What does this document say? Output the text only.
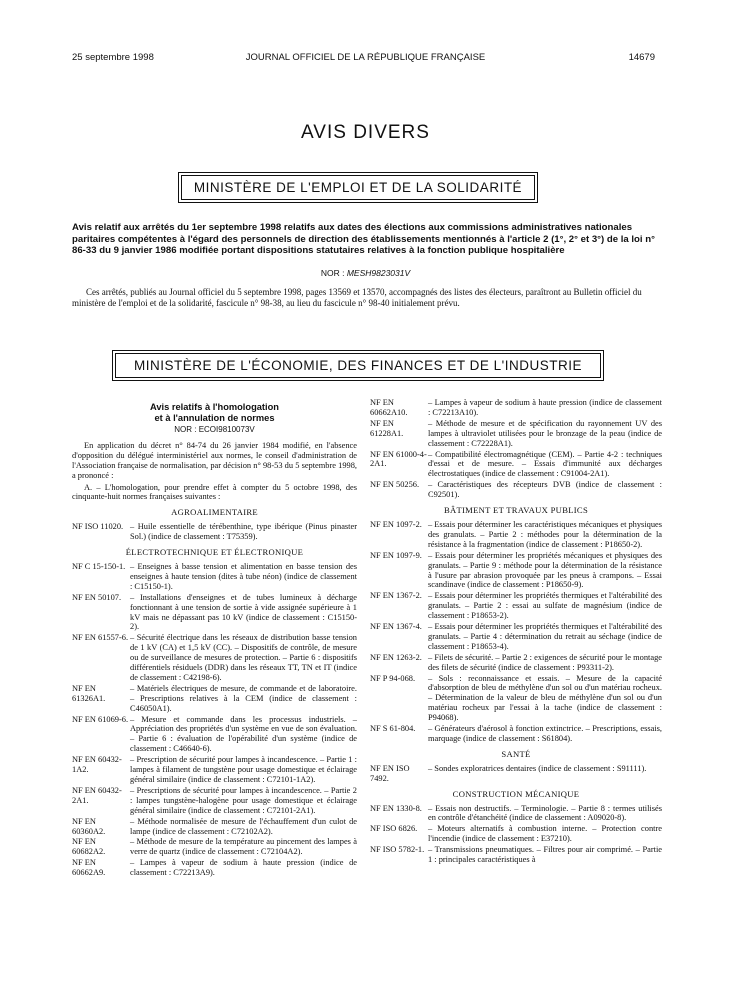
25 septembre 1998	JOURNAL OFFICIEL DE LA RÉPUBLIQUE FRANÇAISE	14679
AVIS DIVERS
MINISTÈRE DE L'EMPLOI ET DE LA SOLIDARITÉ
Avis relatif aux arrêtés du 1er septembre 1998 relatifs aux dates des élections aux commissions administratives nationales paritaires compétentes à l'égard des personnels de direction des établissements mentionnés à l'article 2 (1°, 2° et 3°) de la loi n° 86-33 du 9 janvier 1986 modifiée portant dispositions statutaires relatives à la fonction publique hospitalière
NOR : MESH9823031V
Ces arrêtés, publiés au Journal officiel du 5 septembre 1998, pages 13569 et 13570, accompagnés des listes des électeurs, paraîtront au Bulletin officiel du ministère de l'emploi et de la solidarité, fascicule n° 98-38, au lieu du fascicule n° 98-40 initialement prévu.
MINISTÈRE DE L'ÉCONOMIE, DES FINANCES ET DE L'INDUSTRIE
Avis relatifs à l'homologation
et à l'annulation de normes
NOR : ECOI9810073V

En application du décret n° 84-74 du 26 janvier 1984 modifié, en l'absence d'opposition du délégué interministériel aux normes, le conseil d'administration de l'Association française de normalisation, par décision n° 98-53 du 5 septembre 1998, a prononcé :

A. – L'homologation, pour prendre effet à compter du 5 octobre 1998, des cinquante-huit normes françaises suivantes :

AGROALIMENTAIRE
NF ISO 11020. – Huile essentielle de térébenthine, type ibérique (Pinus pinaster Sol.) (indice de classement : T75359).
ÉLECTROTECHNIQUE ET ÉLECTRONIQUE
NF C 15-150-1. – Enseignes à basse tension et alimentation en basse tension des enseignes à haute tension (dites à tube néon) (indice de classement : C15150-1).
NF EN 50107.	– Installations d'enseignes et de tubes lumineux à décharge fonctionnant à une tension de sortie à vide assignée supérieure à 1 kV mais ne dépassant pas 10 kV (indice de classement : C15150-2).
NF EN 61557-6. – Sécurité électrique dans les réseaux de distribution basse tension de 1 kV (CA) et 1,5 kV (CC). – Dispositifs de contrôle, de mesure ou de surveillance de mesures de protection. – Partie 6 : dispositifs différentiels résiduels (DDR) dans les réseaux TT, TN et IT (indice de classement : C42198-6).
NF EN 61326A1.
– Matériels électriques de mesure, de commande et de laboratoire. – Prescriptions relatives à la CEM (indice de classement : C46050A1).
NF EN 61069-6. – Mesure et commande dans les processus industriels. – Appréciation des propriétés d'un système en vue de son évaluation. – Partie 6 : évaluation de l'opérabilité d'un système (indice de classement : C46640-6).
NF EN 60432-1A2.
– Prescription de sécurité pour lampes à incandescence. – Partie 1 : lampes à filament de tungstène pour usage domestique et éclairage général similaire (indice de classement : C72101-1A2).
NF EN 60432-2A1.
– Prescriptions de sécurité pour lampes à incandescence. – Partie 2 : lampes tungstène-halogène pour usage domestique et éclairage général similaire (indice de classement : C72101-2A1).
NF EN 60360A2.
– Méthode normalisée de mesure de l'échauffement d'un culot de lampe (indice de classement : C72102A2).
NF EN 60682A2.
– Méthode de mesure de la température au pincement des lampes à verre de quartz (indice de classement : C72104A2).
NF EN 60662A9.
– Lampes à vapeur de sodium à haute pression (indice de classement : C72213A9).
NF EN 60662A10.
– Lampes à vapeur de sodium à haute pression (indice de classement : C72213A10).
NF EN 61228A1.
– Méthode de mesure et de spécification du rayonnement UV des lampes à ultraviolet utilisées pour le bronzage de la peau (indice de classement : C72228A1).
NF EN 61000-4-2A1.
– Compatibilité électromagnétique (CEM). – Partie 4-2 : techniques d'essai et de mesure. – Essais d'immunité aux décharges électrostatiques (indice de classement : C91004-2A1).
NF EN 50256.	– Caractéristiques des récepteurs DVB (indice de classement : C92501).
BÂTIMENT ET TRAVAUX PUBLICS
NF EN 1097-2. – Essais pour déterminer les caractéristiques mécaniques et physiques des granulats. – Partie 2 : méthodes pour la détermination de la résistance à la fragmentation (indice de classement : P18650-2).
NF EN 1097-9. – Essais pour déterminer les propriétés mécaniques et physiques des granulats. – Partie 9 : méthode pour la détermination de la résistance à l'usure par abrasion provoquée par les pneus à crampons. – Essai scandinave (indice de classement : P18650-9).
NF EN 1367-2. – Essais pour déterminer les propriétés thermiques et l'altérabilité des granulats. – Partie 2 : essai au sulfate de magnésium (indice de classement : P18653-2).
NF EN 1367-4. – Essais pour déterminer les propriétés thermiques et l'altérabilité des granulats. – Partie 4 : détermination du retrait au séchage (indice de classement : P18653-4).
NF EN 1263-2. – Filets de sécurité. – Partie 2 : exigences de sécurité pour le montage des filets de sécurité (indice de classement : P93311-2).
NF P 94-068.	– Sols : reconnaissance et essais. – Mesure de la capacité d'absorption de bleu de méthylène d'un sol ou d'un matériau rocheux. – Détermination de la valeur de bleu de méthylène d'un sol ou d'un matériau rocheux par l'essai à la tache (indice de classement : P94068).
NF S 61-804.	– Générateurs d'aérosol à fonction extinctrice. – Prescriptions, essais, marquage (indice de classement : S61804).
SANTÉ
NF EN ISO 7492.
– Sondes exploratrices dentaires (indice de classement : S91111).
CONSTRUCTION MÉCANIQUE
NF EN 1330-8. – Essais non destructifs. – Terminologie. – Partie 8 : termes utilisés en contrôle d'étanchéité (indice de classement : A09020-8).
NF ISO 6826.	– Moteurs alternatifs à combustion interne. – Protection contre l'incendie (indice de classement : E37210).
NF ISO 5782-1. – Transmissions pneumatiques. – Filtres pour air comprimé. – Partie 1 : principales caractéristiques à
